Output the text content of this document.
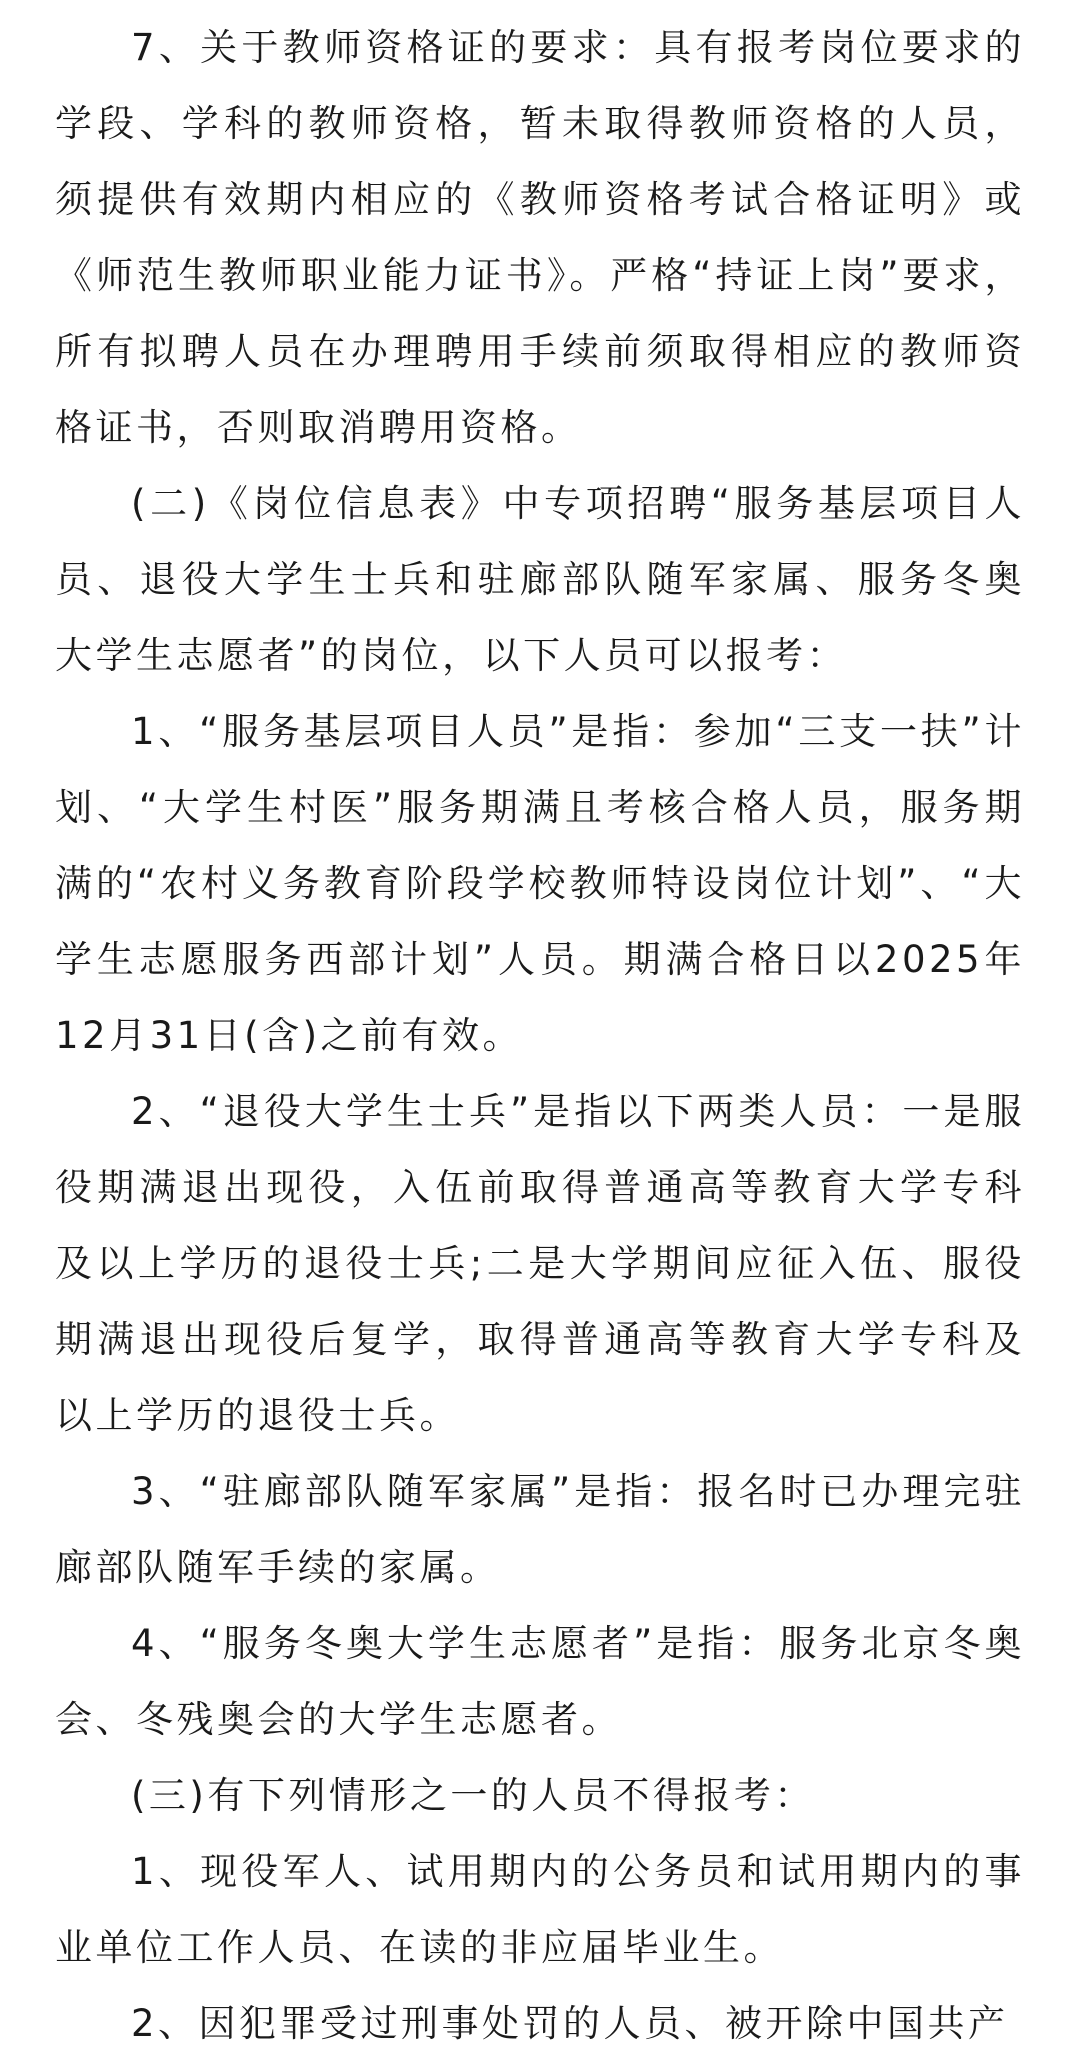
7、关于教师资格证的要求：具有报考岗位要求的学段、学科的教师资格，暂未取得教师资格的人员，须提供有效期内相应的《教师资格考试合格证明》或《师范生教师职业能力证书》。严格“持证上岗”要求，所有拟聘人员在办理聘用手续前须取得相应的教师资格证书，否则取消聘用资格。

(二)《岗位信息表》中专项招聘“服务基层项目人员、退役大学生士兵和驻廊部队随军家属、服务冬奥大学生志愿者”的岗位，以下人员可以报考：

1、“服务基层项目人员”是指：参加“三支一扶”计划、“大学生村医”服务期满且考核合格人员，服务期满的“农村义务教育阶段学校教师特设岗位计划”、“大学生志愿服务西部计划”人员。期满合格日以2025年12月31日(含)之前有效。

2、“退役大学生士兵”是指以下两类人员：一是服役期满退出现役，入伍前取得普通高等教育大学专科及以上学历的退役士兵;二是大学期间应征入伍、服役期满退出现役后复学，取得普通高等教育大学专科及以上学历的退役士兵。

3、“驻廊部队随军家属”是指：报名时已办理完驻廊部队随军手续的家属。

4、“服务冬奥大学生志愿者”是指：服务北京冬奥会、冬残奥会的大学生志愿者。

(三)有下列情形之一的人员不得报考：

1、现役军人、试用期内的公务员和试用期内的事业单位工作人员、在读的非应届毕业生。

2、因犯罪受过刑事处罚的人员、被开除中国共产
